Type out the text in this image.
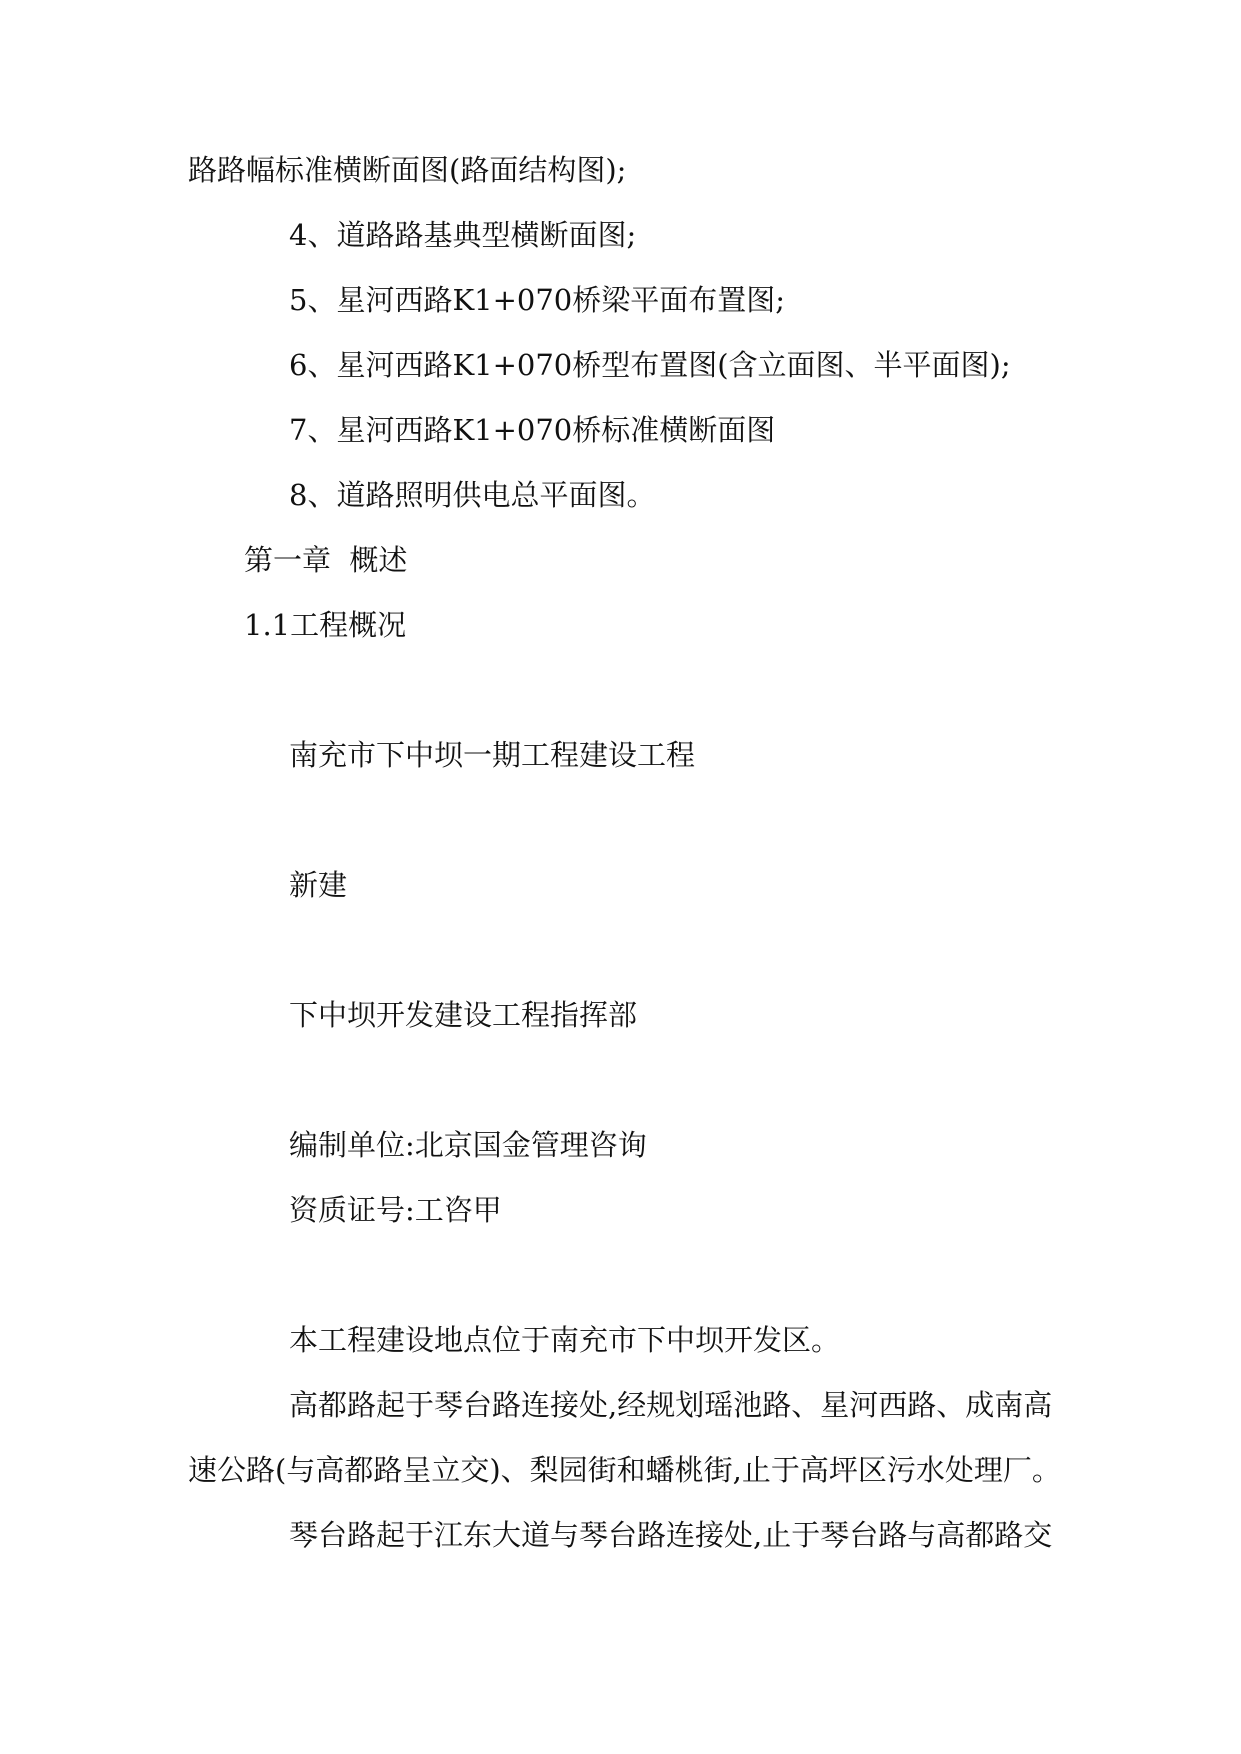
路路幅标准横断面图(路面结构图);
4、道路路基典型横断面图;
5、星河西路K1+070桥梁平面布置图;
6、星河西路K1+070桥型布置图(含立面图、半平面图);
7、星河西路K1+070桥标准横断面图
8、道路照明供电总平面图。
第一章  概述
1.1工程概况
南充市下中坝一期工程建设工程
新建
下中坝开发建设工程指挥部
编制单位:北京国金管理咨询
资质证号:工咨甲
本工程建设地点位于南充市下中坝开发区。
高都路起于琴台路连接处,经规划瑶池路、星河西路、成南高
速公路(与高都路呈立交)、梨园街和蟠桃街,止于高坪区污水处理厂。
琴台路起于江东大道与琴台路连接处,止于琴台路与高都路交
